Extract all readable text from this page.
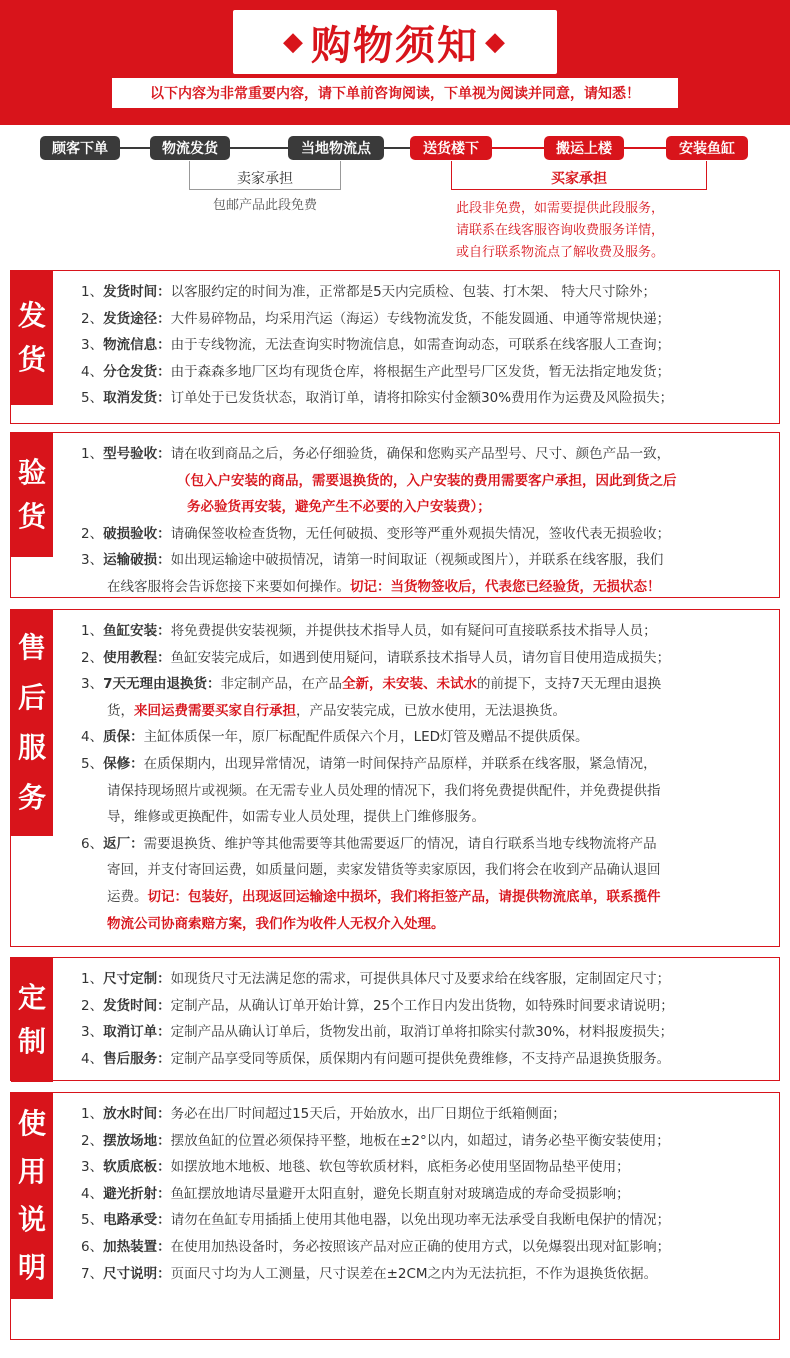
◆ 购物须知 ◆
以下内容为非常重要内容，请下单前咨询阅读，下单视为阅读并同意，请知悉！
顾客下单	物流发货	当地物流点	送货楼下	搬运上楼	安装鱼缸
卖家承担
包邮产品此段免费
买家承担
此段非免费，如需要提供此段服务，
请联系在线客服咨询收费服务详情，
或自行联系物流点了解收费及服务。
发
货
1、发货时间：以客服约定的时间为准，正常都是5天内完质检、包装、打木架、 特大尺寸除外；
2、发货途径：大件易碎物品，均采用汽运（海运）专线物流发货，不能发圆通、申通等常规快递；
3、物流信息：由于专线物流，无法查询实时物流信息，如需查询动态，可联系在线客服人工查询；
4、分仓发货：由于森森多地厂区均有现货仓库，将根据生产此型号厂区发货，暂无法指定地发货；
5、取消发货：订单处于已发货状态，取消订单，请将扣除实付金额30%费用作为运费及风险损失；
验
货
1、型号验收：请在收到商品之后，务必仔细验货，确保和您购买产品型号、尺寸、颜色产品一致，
（包入户安装的商品，需要退换货的，入户安装的费用需要客户承担，因此到货之后
务必验货再安装，避免产生不必要的入户安装费）；
2、破损验收：请确保签收检查货物，无任何破损、变形等严重外观损失情况，签收代表无损验收；
3、运输破损：如出现运输途中破损情况，请第一时间取证（视频或图片），并联系在线客服，我们
在线客服将会告诉您接下来要如何操作。切记：当货物签收后，代表您已经验货，无损状态！
售
后
服
务
1、鱼缸安装：将免费提供安装视频，并提供技术指导人员，如有疑问可直接联系技术指导人员；
2、使用教程：鱼缸安装完成后，如遇到使用疑问，请联系技术指导人员，请勿盲目使用造成损失；
3、7天无理由退换货：非定制产品，在产品全新，未安装、未试水的前提下，支持7天无理由退换
货，来回运费需要买家自行承担，产品安装完成，已放水使用，无法退换货。
4、质保：主缸体质保一年，原厂标配配件质保六个月，LED灯管及赠品不提供质保。
5、保修：在质保期内，出现异常情况，请第一时间保持产品原样，并联系在线客服，紧急情况，
请保持现场照片或视频。在无需专业人员处理的情况下，我们将免费提供配件，并免费提供指
导，维修或更换配件，如需专业人员处理，提供上门维修服务。
6、返厂：需要退换货、维护等其他需要等其他需要返厂的情况，请自行联系当地专线物流将产品
寄回，并支付寄回运费，如质量问题，卖家发错货等卖家原因，我们将会在收到产品确认退回
运费。切记：包装好，出现返回运输途中损坏，我们将拒签产品，请提供物流底单，联系揽件
物流公司协商索赔方案，我们作为收件人无权介入处理。
定
制
1、尺寸定制：如现货尺寸无法满足您的需求，可提供具体尺寸及要求给在线客服，定制固定尺寸；
2、发货时间：定制产品，从确认订单开始计算，25个工作日内发出货物，如特殊时间要求请说明；
3、取消订单：定制产品从确认订单后，货物发出前，取消订单将扣除实付款30%，材料报废损失；
4、售后服务：定制产品享受同等质保，质保期内有问题可提供免费维修，不支持产品退换货服务。
使
用
说
明
1、放水时间：务必在出厂时间超过15天后，开始放水，出厂日期位于纸箱侧面；
2、摆放场地：摆放鱼缸的位置必须保持平整，地板在±2°以内，如超过，请务必垫平衡安装使用；
3、软质底板：如摆放地木地板、地毯、软包等软质材料，底柜务必使用坚固物品垫平使用；
4、避光折射：鱼缸摆放地请尽量避开太阳直射，避免长期直射对玻璃造成的寿命受损影响；
5、电路承受：请勿在鱼缸专用插插上使用其他电器，以免出现功率无法承受自我断电保护的情况；
6、加热装置：在使用加热设备时，务必按照该产品对应正确的使用方式，以免爆裂出现对缸影响；
7、尺寸说明：页面尺寸均为人工测量，尺寸误差在±2CM之内为无法抗拒，不作为退换货依据。
